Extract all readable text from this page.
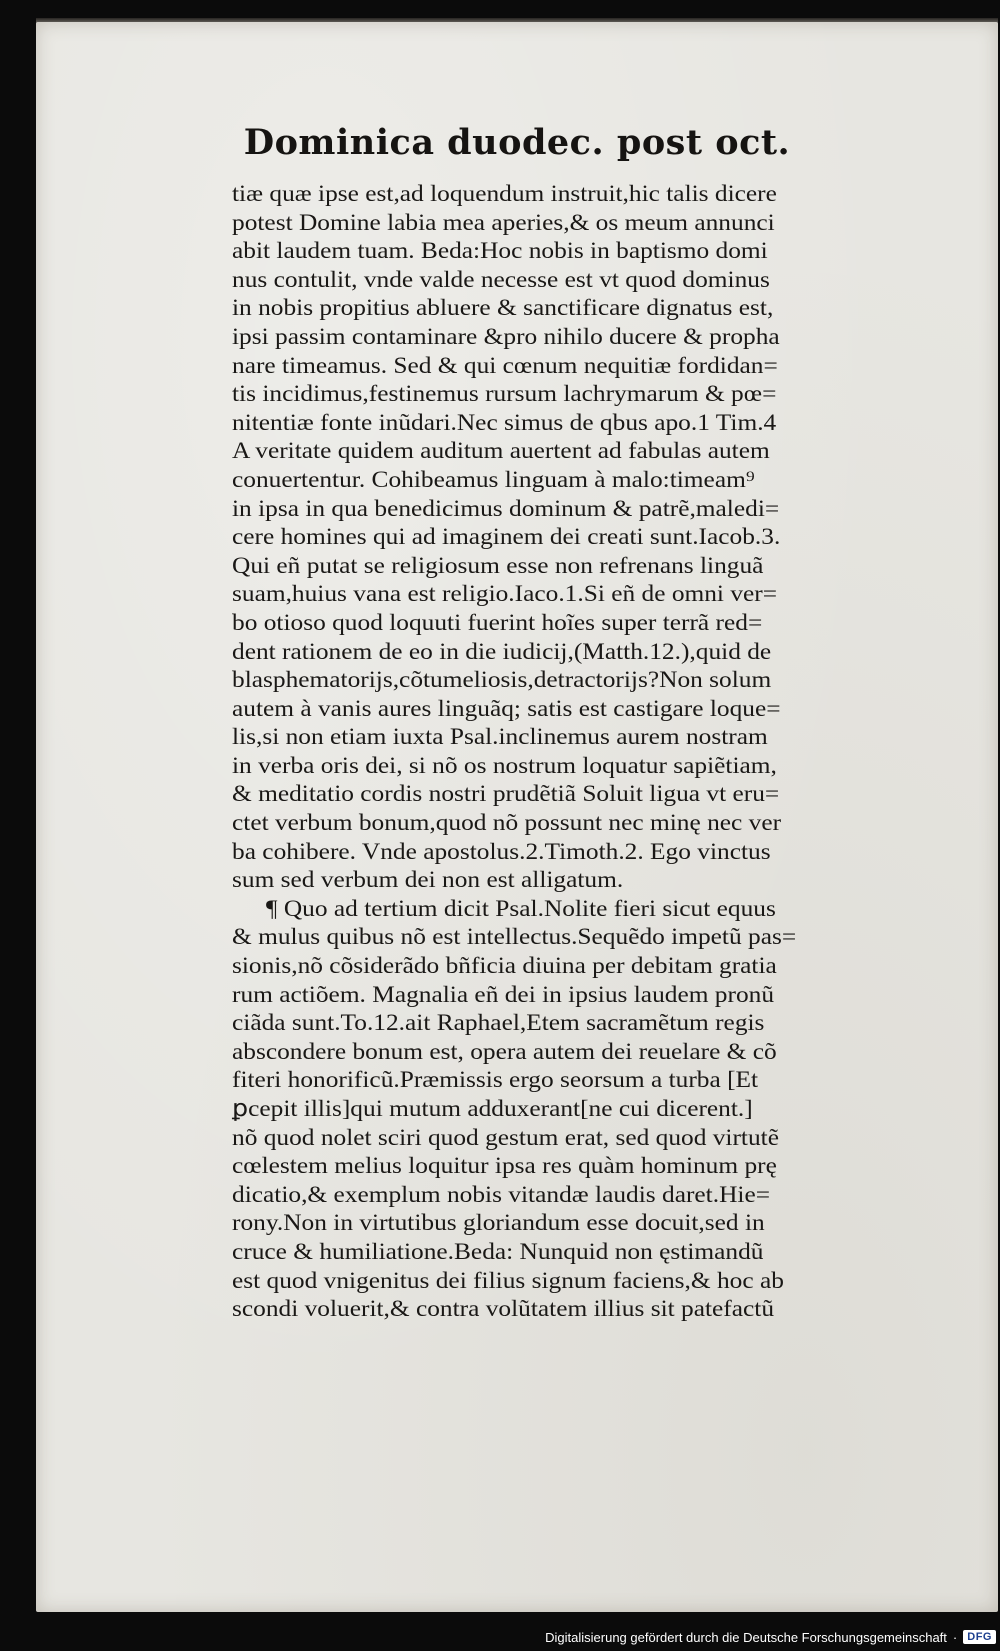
Dominica duodec. post oct.
tiæ quæ ipse est,ad loquendum instruit,hic talis dicere
potest Domine labia mea aperies,& os meum annunci
abit laudem tuam. Beda:Hoc nobis in baptismo domi
nus contulit, vnde valde necesse est vt quod dominus
in nobis propitius abluere & sanctificare dignatus est,
ipsi passim contaminare &pro nihilo ducere & propha
nare timeamus. Sed & qui cœnum nequitiæ fordidan=
tis incidimus,festinemus rursum lachrymarum & pœ=
nitentiæ fonte inũdari.Nec simus de qbus apo.1 Tim.4
A veritate quidem auditum auertent ad fabulas autem
conuertentur. Cohibeamus linguam à malo:timeam⁹
in ipsa in qua benedicimus dominum & patrẽ,maledi=
cere homines qui ad imaginem dei creati sunt.Iacob.3.
Qui eñ putat se religiosum esse non refrenans linguã
suam,huius vana est religio.Iaco.1.Si eñ de omni ver=
bo otioso quod loquuti fuerint hoĩes super terrã red=
dent rationem de eo in die iudicij,(Matth.12.),quid de
blasphematorijs,cõtumeliosis,detractorijs?Non solum
autem à vanis aures linguãq; satis est castigare loque=
lis,si non etiam iuxta Psal.inclinemus aurem nostram
in verba oris dei, si nõ os nostrum loquatur sapiẽtiam,
& meditatio cordis nostri prudẽtiã Soluit ligua vt eru=
ctet verbum bonum,quod nõ possunt nec minę nec ver
ba cohibere. Vnde apostolus.2.Timoth.2. Ego vinctus
sum sed verbum dei non est alligatum.
¶ Quo ad tertium dicit Psal.Nolite fieri sicut equus
& mulus quibus nõ est intellectus.Sequẽdo impetũ pas=
sionis,nõ cõsiderãdo bñficia diuina per debitam gratia
rum actiõem. Magnalia eñ dei in ipsius laudem pronũ
ciãda sunt.To.12.ait Raphael,Etem sacramẽtum regis
abscondere bonum est, opera autem dei reuelare & cõ
fiteri honorificũ.Præmissis ergo seorsum a turba [Et
ꝑcepit illis]qui mutum adduxerant[ne cui dicerent.]
nõ quod nolet sciri quod gestum erat, sed quod virtutẽ
cœlestem melius loquitur ipsa res quàm hominum prę
dicatio,& exemplum nobis vitandæ laudis daret.Hie=
rony.Non in virtutibus gloriandum esse docuit,sed in
cruce & humiliatione.Beda: Nunquid non ęstimandũ
est quod vnigenitus dei filius signum faciens,& hoc ab
scondi voluerit,& contra volũtatem illius sit patefactũ
Digitalisierung gefördert durch die Deutsche Forschungsgemeinschaft · DFG
